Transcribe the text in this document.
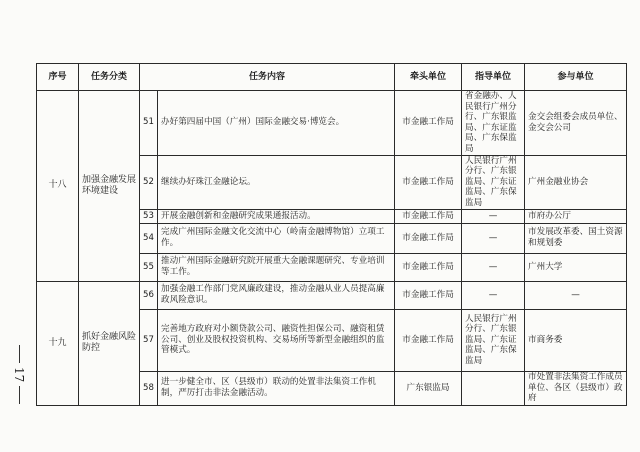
17
序号	任务分类	任务内容		牵头单位	指导单位	参与单位
十八	加强金融发展环境建设	51	办好第四届中国（广州）国际金融交易·博览会。	市金融工作局	省金融办、人民银行广州分行、广东银监局、广东证监局、广东保监局	金交会组委会成员单位、金交会公司
		52	继续办好珠江金融论坛。	市金融工作局	人民银行广州分行、广东银监局、广东证监局、广东保监局	广州金融业协会
		53	开展金融创新和金融研究成果通报活动。	市金融工作局	—	市府办公厅
		54	完成广州国际金融文化交流中心（岭南金融博物馆）立项工作。	市金融工作局	—	市发展改革委、国土资源和规划委
		55	推动广州国际金融研究院开展重大金融课题研究、专业培训等工作。	市金融工作局	—	广州大学
十九	抓好金融风险防控	56	加强金融工作部门党风廉政建设，推动金融从业人员提高廉政风险意识。	市金融工作局	—	—
		57	完善地方政府对小额贷款公司、融资性担保公司、融资租赁公司、创业及股权投资机构、交易场所等新型金融组织的监管模式。	市金融工作局	人民银行广州分行、广东银监局、广东证监局、广东保监局	市商务委
		58	进一步健全市、区（县级市）联动的处置非法集资工作机制，严厉打击非法金融活动。	广东银监局		市处置非法集资工作成员单位、各区（县级市）政府
